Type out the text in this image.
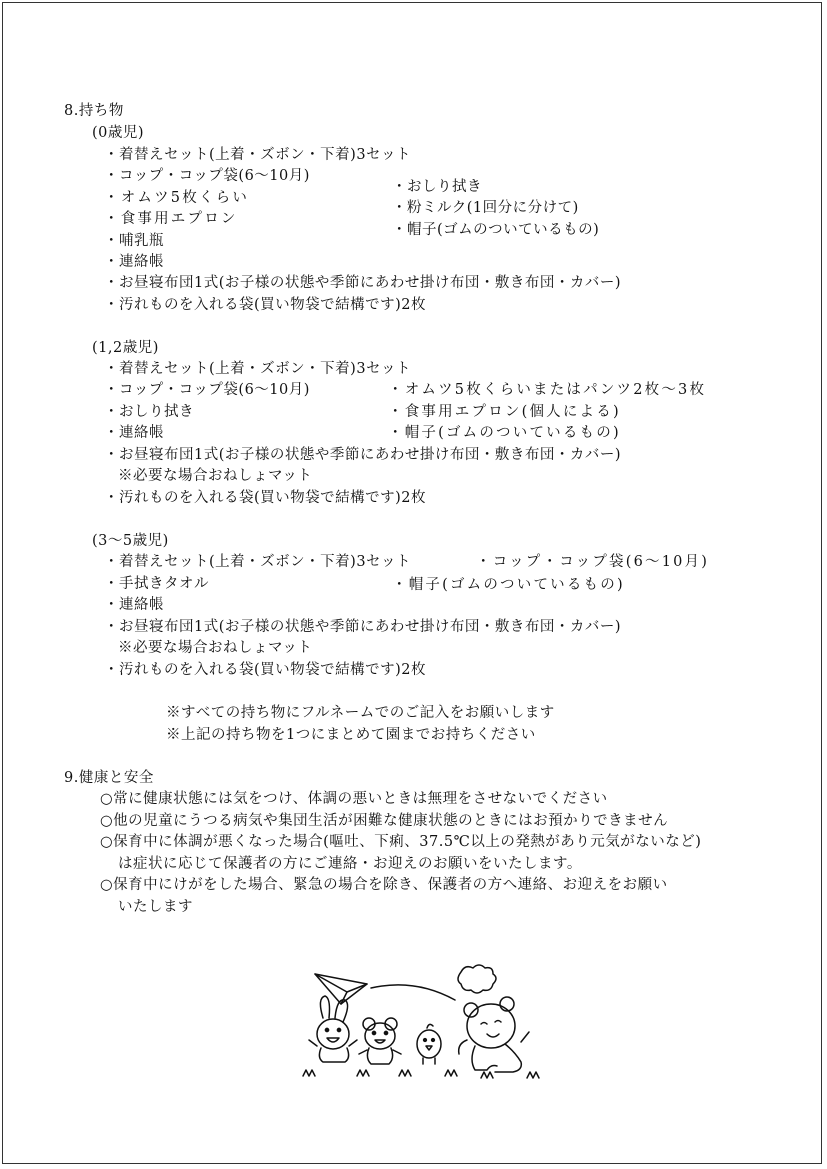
8.持ち物
(0歳児)
・着替えセット(上着・ズボン・下着)3セット
・コップ・コップ袋(6〜10月)
・オムツ5枚くらい
・食事用エプロン
・哺乳瓶
・連絡帳
・お昼寝布団1式(お子様の状態や季節にあわせ掛け布団・敷き布団・カバー)
・汚れものを入れる袋(買い物袋で結構です)2枚
・おしり拭き
・粉ミルク(1回分に分けて)
・帽子(ゴムのついているもの)
(1,2歳児)
・着替えセット(上着・ズボン・下着)3セット
・コップ・コップ袋(6〜10月)
・おしり拭き
・連絡帳
・お昼寝布団1式(お子様の状態や季節にあわせ掛け布団・敷き布団・カバー)
※必要な場合おねしょマット
・汚れものを入れる袋(買い物袋で結構です)2枚
・オムツ5枚くらいまたはパンツ2枚〜3枚
・食事用エプロン(個人による)
・帽子(ゴムのついているもの)
(3〜5歳児)
・着替えセット(上着・ズボン・下着)3セット
・手拭きタオル
・連絡帳
・お昼寝布団1式(お子様の状態や季節にあわせ掛け布団・敷き布団・カバー)
※必要な場合おねしょマット
・汚れものを入れる袋(買い物袋で結構です)2枚
・コップ・コップ袋(6〜10月)
・帽子(ゴムのついているもの)
※すべての持ち物にフルネームでのご記入をお願いします
※上記の持ち物を1つにまとめて園までお持ちください
9.健康と安全
○常に健康状態には気をつけ、体調の悪いときは無理をさせないでください
○他の児童にうつる病気や集団生活が困難な健康状態のときにはお預かりできません
○保育中に体調が悪くなった場合(嘔吐、下痢、37.5℃以上の発熱があり元気がないなど)
は症状に応じて保護者の方にご連絡・お迎えのお願いをいたします。
○保育中にけがをした場合、緊急の場合を除き、保護者の方へ連絡、お迎えをお願い
いたします
